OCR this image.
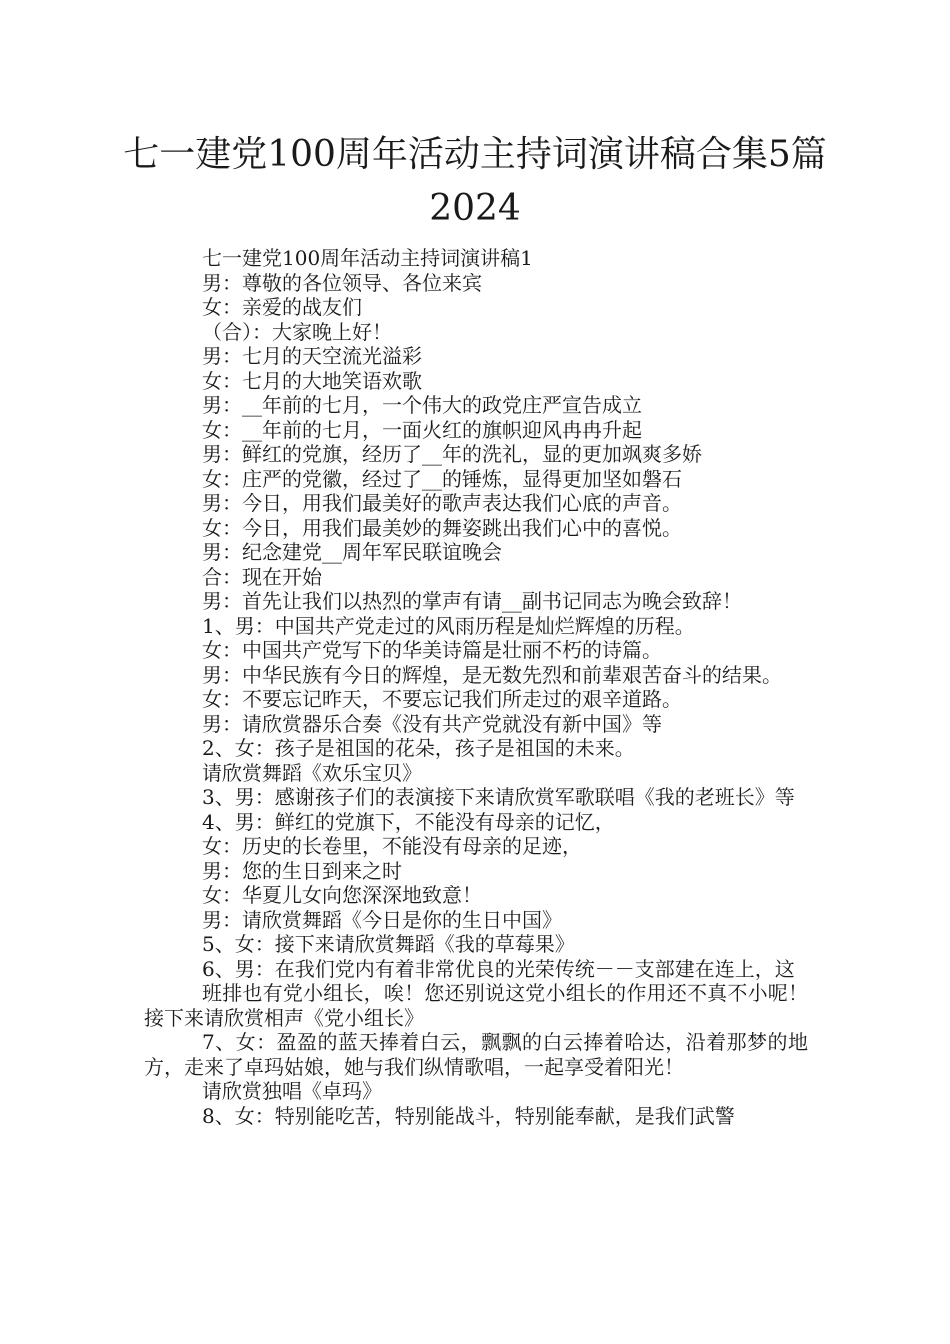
七一建党100周年活动主持词演讲稿合集5篇2024

七一建党100周年活动主持词演讲稿1

男：尊敬的各位领导、各位来宾

女：亲爱的战友们

（合）：大家晚上好！

男：七月的天空流光溢彩

女：七月的大地笑语欢歌

男：__年前的七月，一个伟大的政党庄严宣告成立

女：__年前的七月，一面火红的旗帜迎风冉冉升起

男：鲜红的党旗，经历了__年的洗礼，显的更加飒爽多娇

女：庄严的党徽，经过了__的锤炼，显得更加坚如磐石

男：今日，用我们最美好的歌声表达我们心底的声音。

女：今日，用我们最美妙的舞姿跳出我们心中的喜悦。

男：纪念建党__周年军民联谊晚会

合：现在开始

男：首先让我们以热烈的掌声有请__副书记同志为晚会致辞！

1、男：中国共产党走过的风雨历程是灿烂辉煌的历程。

女：中国共产党写下的华美诗篇是壮丽不朽的诗篇。

男：中华民族有今日的辉煌，是无数先烈和前辈艰苦奋斗的结果。

女：不要忘记昨天，不要忘记我们所走过的艰辛道路。

男：请欣赏器乐合奏《没有共产党就没有新中国》等

2、女：孩子是祖国的花朵，孩子是祖国的未来。

请欣赏舞蹈《欢乐宝贝》

3、男：感谢孩子们的表演接下来请欣赏军歌联唱《我的老班长》等

4、男：鲜红的党旗下，不能没有母亲的记忆，

女：历史的长卷里，不能没有母亲的足迹，

男：您的生日到来之时

女：华夏儿女向您深深地致意！

男：请欣赏舞蹈《今日是你的生日中国》

5、女：接下来请欣赏舞蹈《我的草莓果》

6、男：在我们党内有着非常优良的光荣传统－－支部建在连上，这

班排也有党小组长，唉！您还别说这党小组长的作用还不真不小呢！接下来请欣赏相声《党小组长》

7、女：盈盈的蓝天捧着白云，飘飘的白云捧着哈达，沿着那梦的地方，走来了卓玛姑娘，她与我们纵情歌唱，一起享受着阳光！

请欣赏独唱《卓玛》

8、女：特别能吃苦，特别能战斗，特别能奉献，是我们武警
